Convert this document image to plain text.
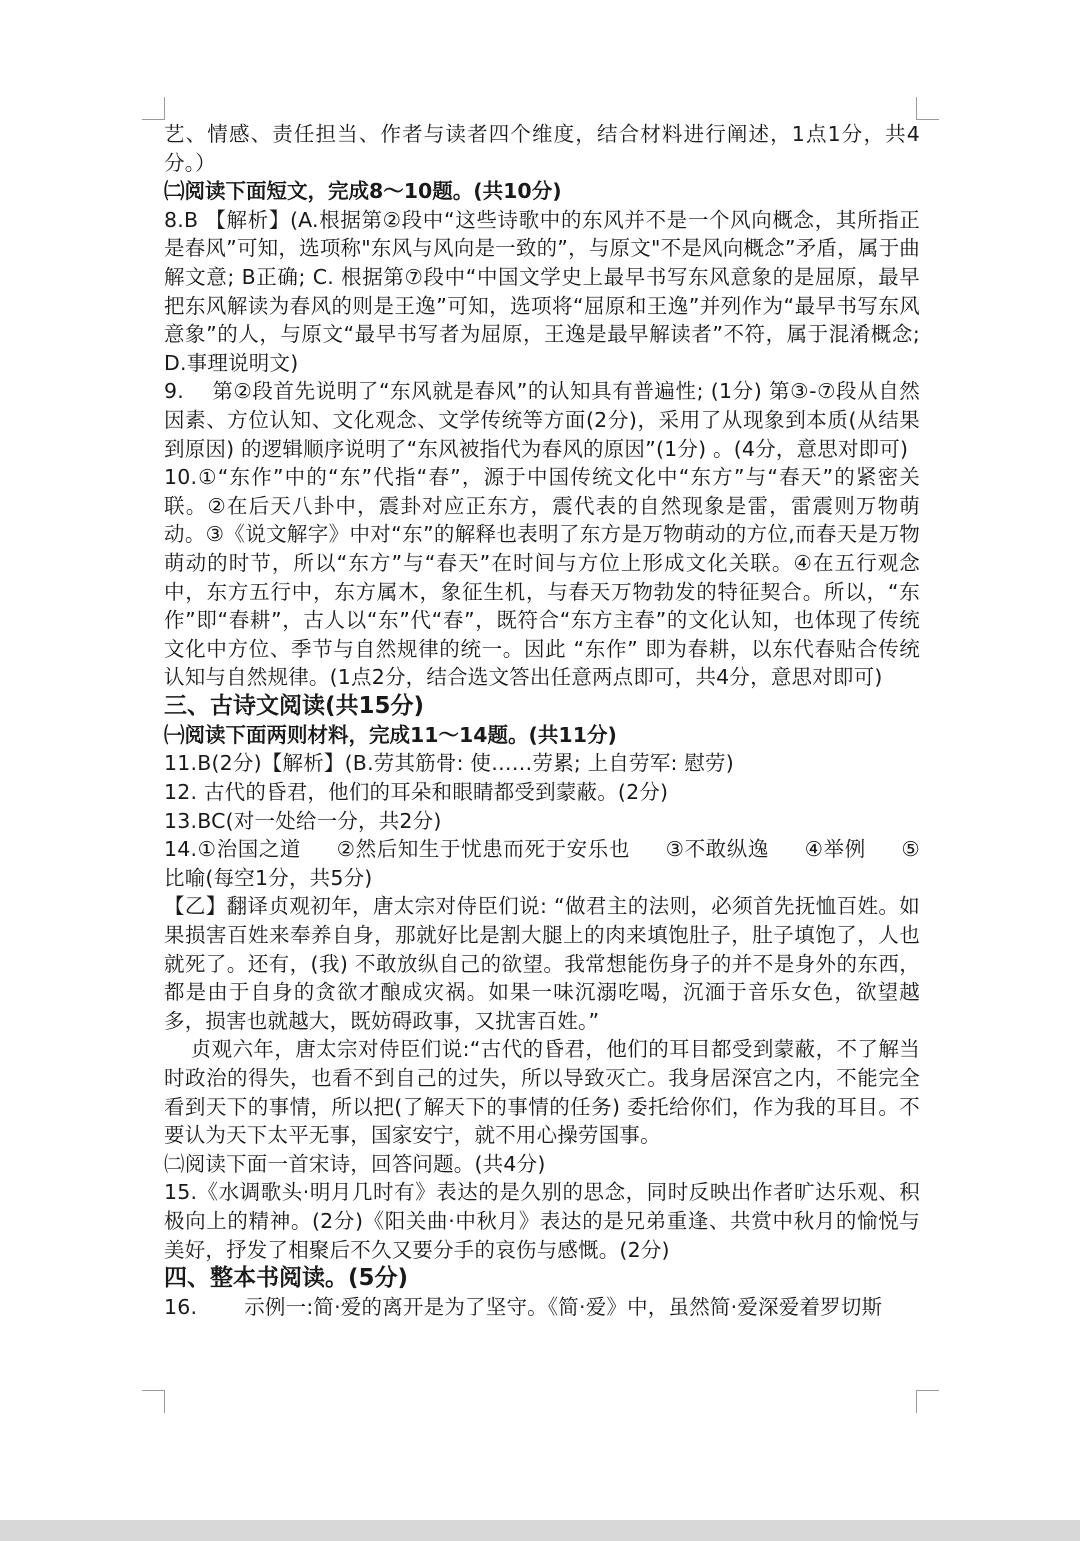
艺、情感、责任担当、作者与读者四个维度，结合材料进行阐述，1点1分，共4分。）

㈡阅读下面短文，完成8～10题。(共10分)

8.B 【解析】(A.根据第②段中“这些诗歌中的东风并不是一个风向概念，其所指正是春风”可知，选项称"东风与风向是一致的”，与原文"不是风向概念”矛盾，属于曲解文意; B正确; C. 根据第⑦段中“中国文学史上最早书写东风意象的是屈原，最早把东风解读为春风的则是王逸”可知，选项将“屈原和王逸”并列作为“最早书写东风意象”的人，与原文“最早书写者为屈原，王逸是最早解读者”不符，属于混淆概念; D.事理说明文)

9.    第②段首先说明了“东风就是春风”的认知具有普遍性; (1分) 第③-⑦段从自然因素、方位认知、文化观念、文学传统等方面(2分)，采用了从现象到本质(从结果到原因) 的逻辑顺序说明了“东风被指代为春风的原因”(1分) 。(4分，意思对即可)

10.①“东作”中的“东”代指“春”，源于中国传统文化中“东方”与“春天”的紧密关联。②在后天八卦中，震卦对应正东方，震代表的自然现象是雷，雷震则万物萌动。③《说文解字》中对“东”的解释也表明了东方是万物萌动的方位,而春天是万物萌动的时节，所以“东方”与“春天”在时间与方位上形成文化关联。④在五行观念中，东方五行中，东方属木，象征生机，与春天万物勃发的特征契合。所以，“东作”即“春耕”，古人以“东”代“春”，既符合“东方主春”的文化认知，也体现了传统文化中方位、季节与自然规律的统一。因此 “东作” 即为春耕，以东代春贴合传统认知与自然规律。(1点2分，结合选文答出任意两点即可，共4分，意思对即可)

三、古诗文阅读(共15分)

㈠阅读下面两则材料，完成11～14题。(共11分)

11.B(2分)【解析】(B.劳其筋骨: 使……劳累; 上自劳军: 慰劳)

12. 古代的昏君，他们的耳朵和眼睛都受到蒙蔽。(2分)

13.BC(对一处给一分，共2分)

14.①治国之道     ②然后知生于忧患而死于安乐也     ③不敢纵逸     ④举例     ⑤比喻(每空1分，共5分)

【乙】翻译贞观初年，唐太宗对侍臣们说: “做君主的法则，必须首先抚恤百姓。如果损害百姓来奉养自身，那就好比是割大腿上的肉来填饱肚子，肚子填饱了，人也就死了。还有，(我) 不敢放纵自己的欲望。我常想能伤身子的并不是身外的东西，都是由于自身的贪欲才酿成灾祸。如果一味沉溺吃喝，沉湎于音乐女色，欲望越多，损害也就越大，既妨碍政事，又扰害百姓。”

贞观六年，唐太宗对侍臣们说:“古代的昏君，他们的耳目都受到蒙蔽，不了解当时政治的得失，也看不到自己的过失，所以导致灭亡。我身居深宫之内，不能完全看到天下的事情，所以把(了解天下的事情的任务) 委托给你们，作为我的耳目。不要认为天下太平无事，国家安宁，就不用心操劳国事。

㈡阅读下面一首宋诗，回答问题。(共4分)

15.《水调歌头·明月几时有》表达的是久别的思念，同时反映出作者旷达乐观、积极向上的精神。(2分)《阳关曲·中秋月》表达的是兄弟重逢、共赏中秋月的愉悦与美好，抒发了相聚后不久又要分手的哀伤与感慨。(2分)

四、整本书阅读。(5分)

16.       示例一:简·爱的离开是为了坚守。《简·爱》中，虽然简·爱深爱着罗切斯
